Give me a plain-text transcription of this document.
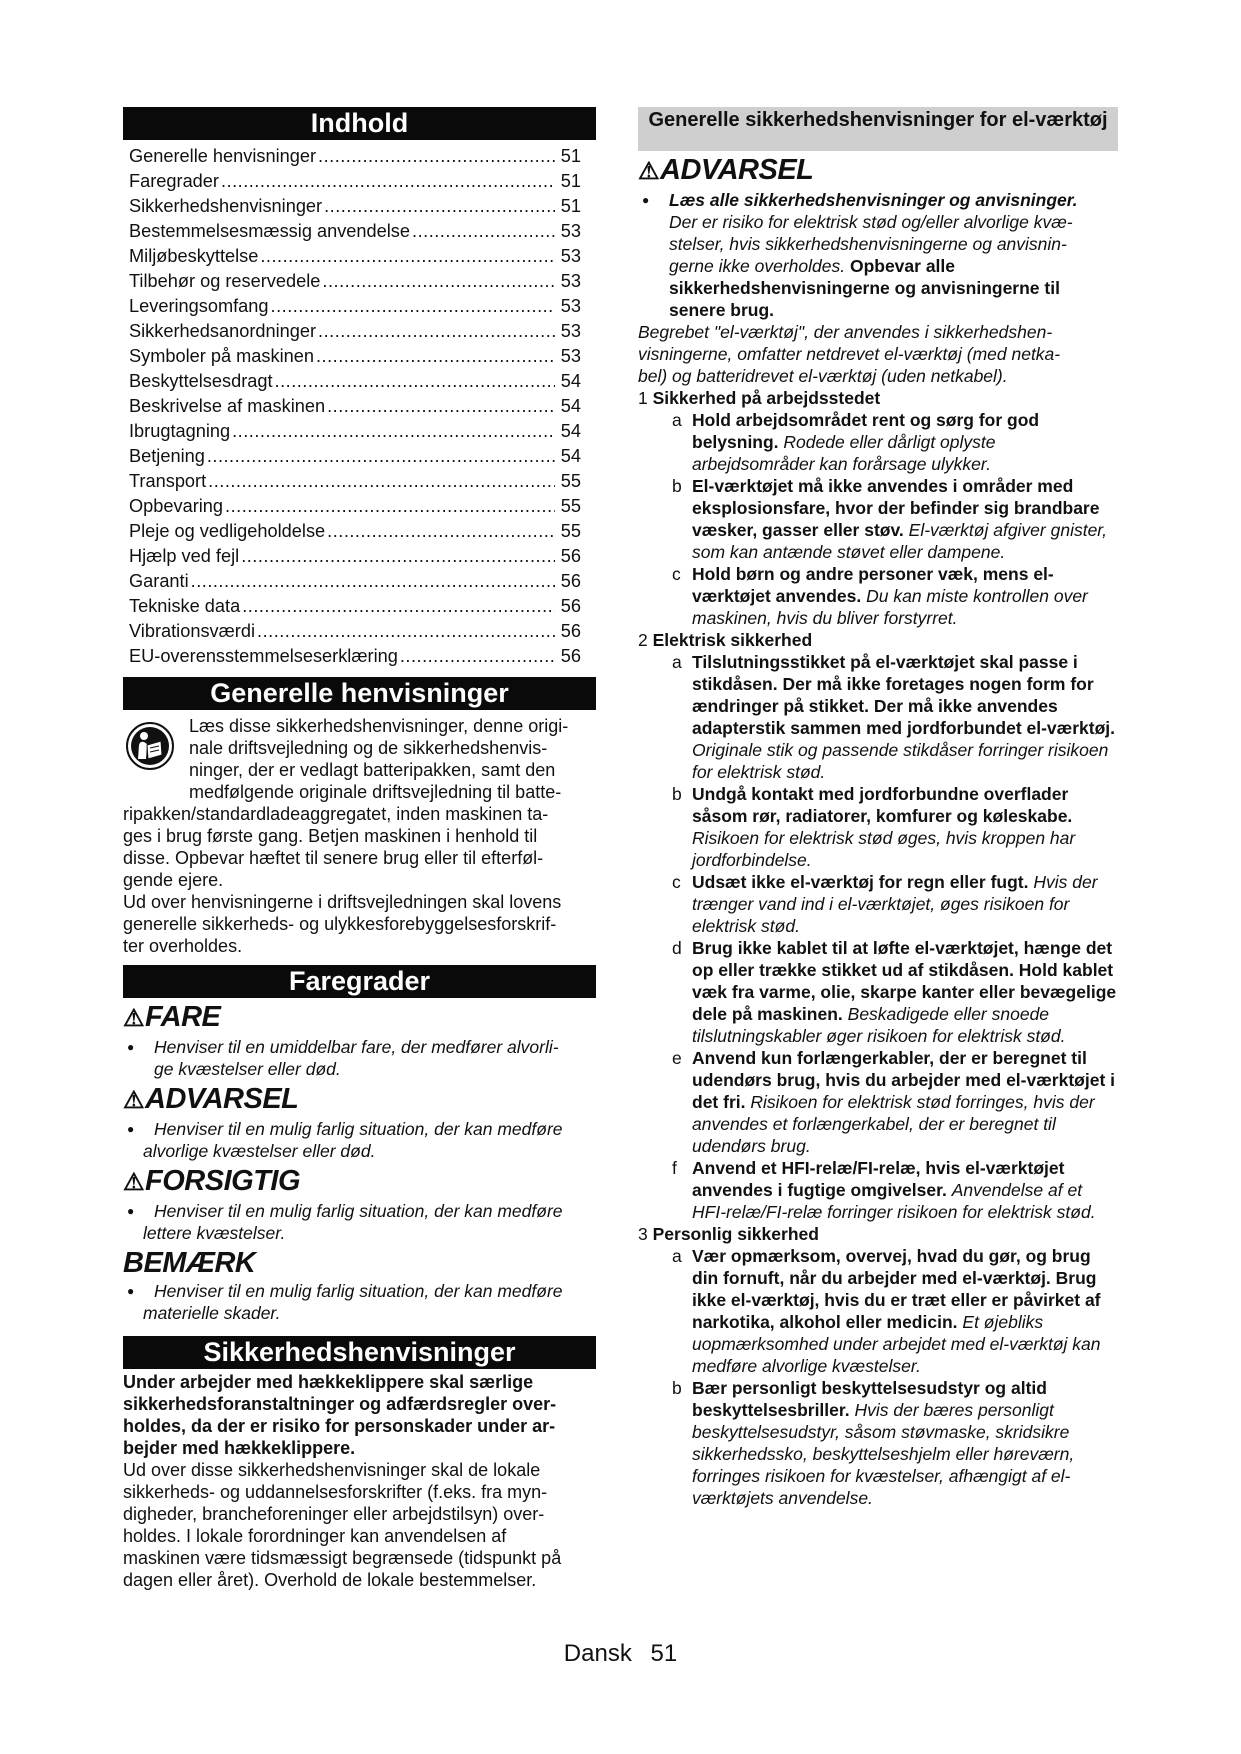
Indhold
Generelle henvisninger .....	51
Faregrader .....	51
Sikkerhedshenvisninger .....	51
Bestemmelsesmæssig anvendelse .....	53
Miljøbeskyttelse .....	53
Tilbehør og reservedele .....	53
Leveringsomfang .....	53
Sikkerhedsanordninger .....	53
Symboler på maskinen .....	53
Beskyttelsesdragt .....	54
Beskrivelse af maskinen .....	54
Ibrugtagning .....	54
Betjening .....	54
Transport .....	55
Opbevaring .....	55
Pleje og vedligeholdelse .....	55
Hjælp ved fejl .....	56
Garanti .....	56
Tekniske data .....	56
Vibrationsværdi .....	56
EU-overensstemmelseserklæring .....	56
Generelle henvisninger

Læs disse sikkerhedshenvisninger, denne origi-

nale driftsvejledning og de sikkerhedshenvis-

ninger, der er vedlagt batteripakken, samt den

medfølgende originale driftsvejledning til batte-

ripakken/standardladeaggregatet, inden maskinen ta-

ges i brug første gang. Betjen maskinen i henhold til

disse. Opbevar hæftet til senere brug eller til efterføl-

gende ejere.

Ud over henvisningerne i driftsvejledningen skal lovens

generelle sikkerheds- og ulykkesforebyggelsesforskrif-

ter overholdes.

Faregrader
⚠FARE
● Henviser til en umiddelbar fare, der medfører alvorli-
ge kvæstelser eller død.
⚠ADVARSEL
● Henviser til en mulig farlig situation, der kan medføre
alvorlige kvæstelser eller død.
⚠FORSIGTIG
● Henviser til en mulig farlig situation, der kan medføre
lettere kvæstelser.
BEMÆRK
● Henviser til en mulig farlig situation, der kan medføre
materielle skader.
Sikkerhedshenvisninger

Under arbejder med hækkeklippere skal særlige

sikkerhedsforanstaltninger og adfærdsregler over-

holdes, da der er risiko for personskader under ar-

bejder med hækkeklippere.

Ud over disse sikkerhedshenvisninger skal de lokale

sikkerheds- og uddannelsesforskrifter (f.eks. fra myn-

digheder, brancheforeninger eller arbejdstilsyn) over-

holdes. I lokale forordninger kan anvendelsen af

maskinen være tidsmæssigt begrænsede (tidspunkt på

dagen eller året). Overhold de lokale bestemmelser.

Generelle sikkerhedshenvisninger for el-værktøj
⚠ADVARSEL
● Læs alle sikkerhedshenvisninger og anvisninger.
Der er risiko for elektrisk stød og/eller alvorlige kvæ-
stelser, hvis sikkerhedshenvisningerne og anvisnin-
gerne ikke overholdes. Opbevar alle sikkerhedshenvisningerne og anvisningerne til senere brug.

Begrebet "el-værktøj", der anvendes i sikkerhedshen-

visningerne, omfatter netdrevet el-værktøj (med netka-

bel) og batteridrevet el-værktøj (uden netkabel).

1 Sikkerhed på arbejdsstedet
a Hold arbejdsområdet rent og sørg for god belysning. Rodede eller dårligt oplyste arbejdsområder kan forårsage ulykker.
b El-værktøjet må ikke anvendes i områder med eksplosionsfare, hvor der befinder sig brandbare væsker, gasser eller støv. El-værktøj afgiver gnister, som kan antænde støvet eller dampene.
c Hold børn og andre personer væk, mens el-værktøjet anvendes. Du kan miste kontrollen over maskinen, hvis du bliver forstyrret.
2 Elektrisk sikkerhed
a Tilslutningsstikket på el-værktøjet skal passe i stikdåsen. Der må ikke foretages nogen form for ændringer på stikket. Der må ikke anvendes adapterstik sammen med jordforbundet el-værktøj. Originale stik og passende stikdåser forringer risikoen for elektrisk stød.
b Undgå kontakt med jordforbundne overflader såsom rør, radiatorer, komfurer og køleskabe. Risikoen for elektrisk stød øges, hvis kroppen har jordforbindelse.
c Udsæt ikke el-værktøj for regn eller fugt. Hvis der trænger vand ind i el-værktøjet, øges risikoen for elektrisk stød.
d Brug ikke kablet til at løfte el-værktøjet, hænge det op eller trække stikket ud af stikdåsen. Hold kablet væk fra varme, olie, skarpe kanter eller bevægelige dele på maskinen. Beskadigede eller snoede tilslutningskabler øger risikoen for elektrisk stød.
e Anvend kun forlængerkabler, der er beregnet til udendørs brug, hvis du arbejder med el-værktøjet i det fri. Risikoen for elektrisk stød forringes, hvis der anvendes et forlængerkabel, der er beregnet til udendørs brug.
f Anvend et HFI-relæ/FI-relæ, hvis el-værktøjet anvendes i fugtige omgivelser. Anvendelse af et HFI-relæ/FI-relæ forringer risikoen for elektrisk stød.
3 Personlig sikkerhed
a Vær opmærksom, overvej, hvad du gør, og brug din fornuft, når du arbejder med el-værktøj. Brug ikke el-værktøj, hvis du er træt eller er påvirket af narkotika, alkohol eller medicin. Et øjebliks uopmærksomhed under arbejdet med el-værktøj kan medføre alvorlige kvæstelser.
b Bær personligt beskyttelsesudstyr og altid beskyttelsesbriller. Hvis der bæres personligt beskyttelsesudstyr, såsom støvmaske, skridsikre sikkerhedssko, beskyttelseshjelm eller høreværn, forringes risikoen for kvæstelser, afhængigt af el-værktøjets anvendelse.
Dansk 51
